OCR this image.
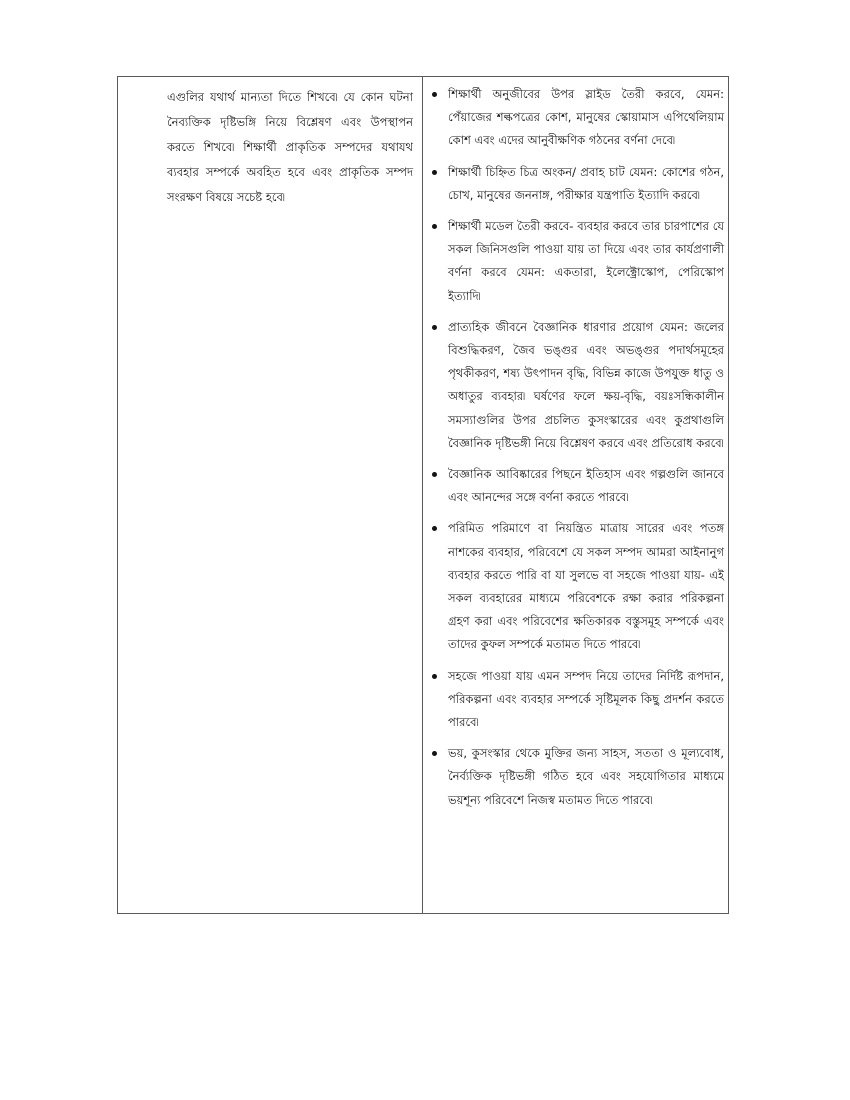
এগুলির যথার্থ মান্যতা দিতে শিখবে৷ যে কোন ঘটনা নৈব্যক্তিক দৃষ্টিভঙ্গি নিয়ে বিশ্লেষণ এবং উপস্থাপন করতে শিখবে৷ শিক্ষার্থী প্রাকৃতিক সম্পদের যথাযথ ব্যবহার সম্পর্কে অবহিত হবে এবং প্রাকৃতিক সম্পদ সংরক্ষণ বিষয়ে সচেষ্ট হবে৷
শিক্ষার্থী অনুজীবের উপর স্লাইড তৈরী করবে, যেমন: পেঁয়াজের শল্কপত্রের কোশ, মানুষের স্কোয়ামাস এপিথেলিয়াম কোশ এবং এদের আনুবীক্ষণিক গঠনের বর্ণনা দেবে৷
শিক্ষার্থী চিহ্নিত চিত্র অংকন/ প্রবাহ চাট যেমন: কোশের গঠন, চোখ, মানুষের জননাঙ্গ, পরীক্ষার যন্ত্রপাতি ইত্যাদি করবে৷
শিক্ষার্থী মডেল তৈরী করবে- ব্যবহার করবে তার চারপাশের যে সকল জিনিসগুলি পাওয়া যায় তা দিয়ে এবং তার কার্যপ্রণালী বর্ণনা করবে যেমন: একতারা, ইলেক্ট্রোস্কোপ, পেরিস্কোপ ইত্যাদি৷
প্রাত্যহিক জীবনে বৈজ্ঞানিক ধারণার প্রয়োগ যেমন: জলের বিশুদ্ধিকরণ, জৈব ভঙ্গুর এবং অভঙ্গুর পদার্থসমূহের পৃথকীকরণ, শষ্য উৎপাদন বৃদ্ধি, বিভিন্ন কাজে উপযুক্ত ধাতু ও অধাতুর ব্যবহার৷ ঘর্ষণের ফলে ক্ষয়-বৃদ্ধি, বয়ঃসন্ধিকালীন সমস্যাগুলির উপর প্রচলিত কুসংস্কারের এবং কুপ্রথাগুলি বৈজ্ঞানিক দৃষ্টিভঙ্গী নিয়ে বিশ্লেষণ করবে এবং প্রতিরোধ করবে৷
বৈজ্ঞানিক আবিষ্কারের পিছনে ইতিহাস এবং গল্পগুলি জানবে এবং আনন্দের সঙ্গে বর্ণনা করতে পারবে৷
পরিমিত পরিমাণে বা নিয়ন্ত্রিত মাত্রায় সারের এবং পতঙ্গ নাশকের ব্যবহার, পরিবেশে যে সকল সম্পদ আমরা আইনানুগ ব্যবহার করতে পারি বা যা সুলভে বা সহজে পাওয়া যায়- এই সকল ব্যবহারের মাধ্যমে পরিবেশকে রক্ষা করার পরিকল্পনা গ্রহণ করা এবং পরিবেশের ক্ষতিকারক বস্তুসমূহ সম্পর্কে এবং তাদের কুফল সম্পর্কে মতামত দিতে পারবে৷
সহজে পাওয়া যায় এমন সম্পদ নিয়ে তাদের নির্দিষ্ট রূপদান, পরিকল্পনা এবং ব্যবহার সম্পর্কে সৃষ্টিমূলক কিছু প্রদর্শন করতে পারবে৷
ভয়, কুসংস্কার থেকে মুক্তির জন্য সাহস, সততা ও মূল্যবোধ, নৈর্ব্যক্তিক দৃষ্টিভঙ্গী গঠিত হবে এবং সহযোগিতার মাধ্যমে ভয়শূন্য পরিবেশে নিজস্ব মতামত দিতে পারবে৷
